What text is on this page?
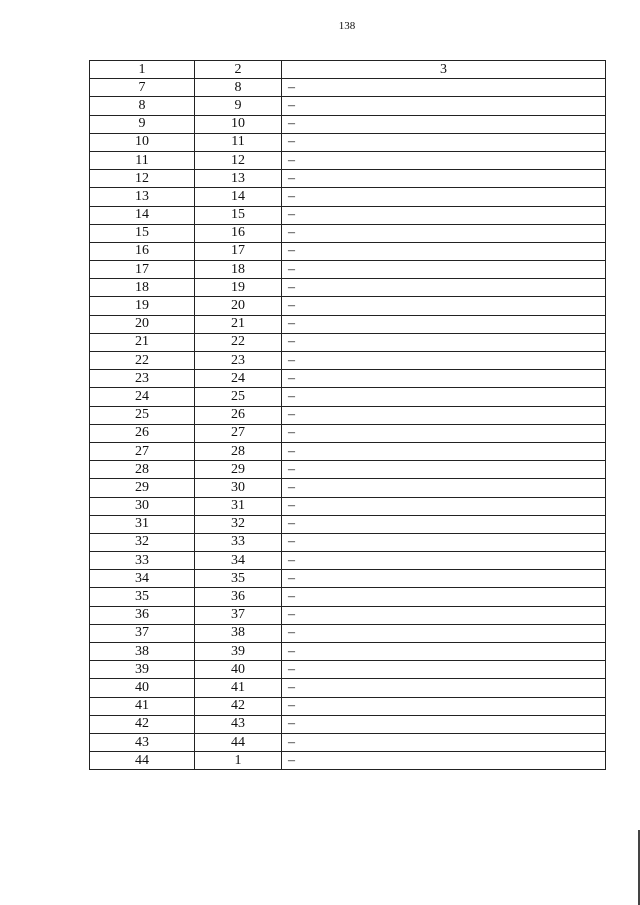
138
1	2	3
7	8	–
8	9	–
9	10	–
10	11	–
11	12	–
12	13	–
13	14	–
14	15	–
15	16	–
16	17	–
17	18	–
18	19	–
19	20	–
20	21	–
21	22	–
22	23	–
23	24	–
24	25	–
25	26	–
26	27	–
27	28	–
28	29	–
29	30	–
30	31	–
31	32	–
32	33	–
33	34	–
34	35	–
35	36	–
36	37	–
37	38	–
38	39	–
39	40	–
40	41	–
41	42	–
42	43	–
43	44	–
44	1	–
